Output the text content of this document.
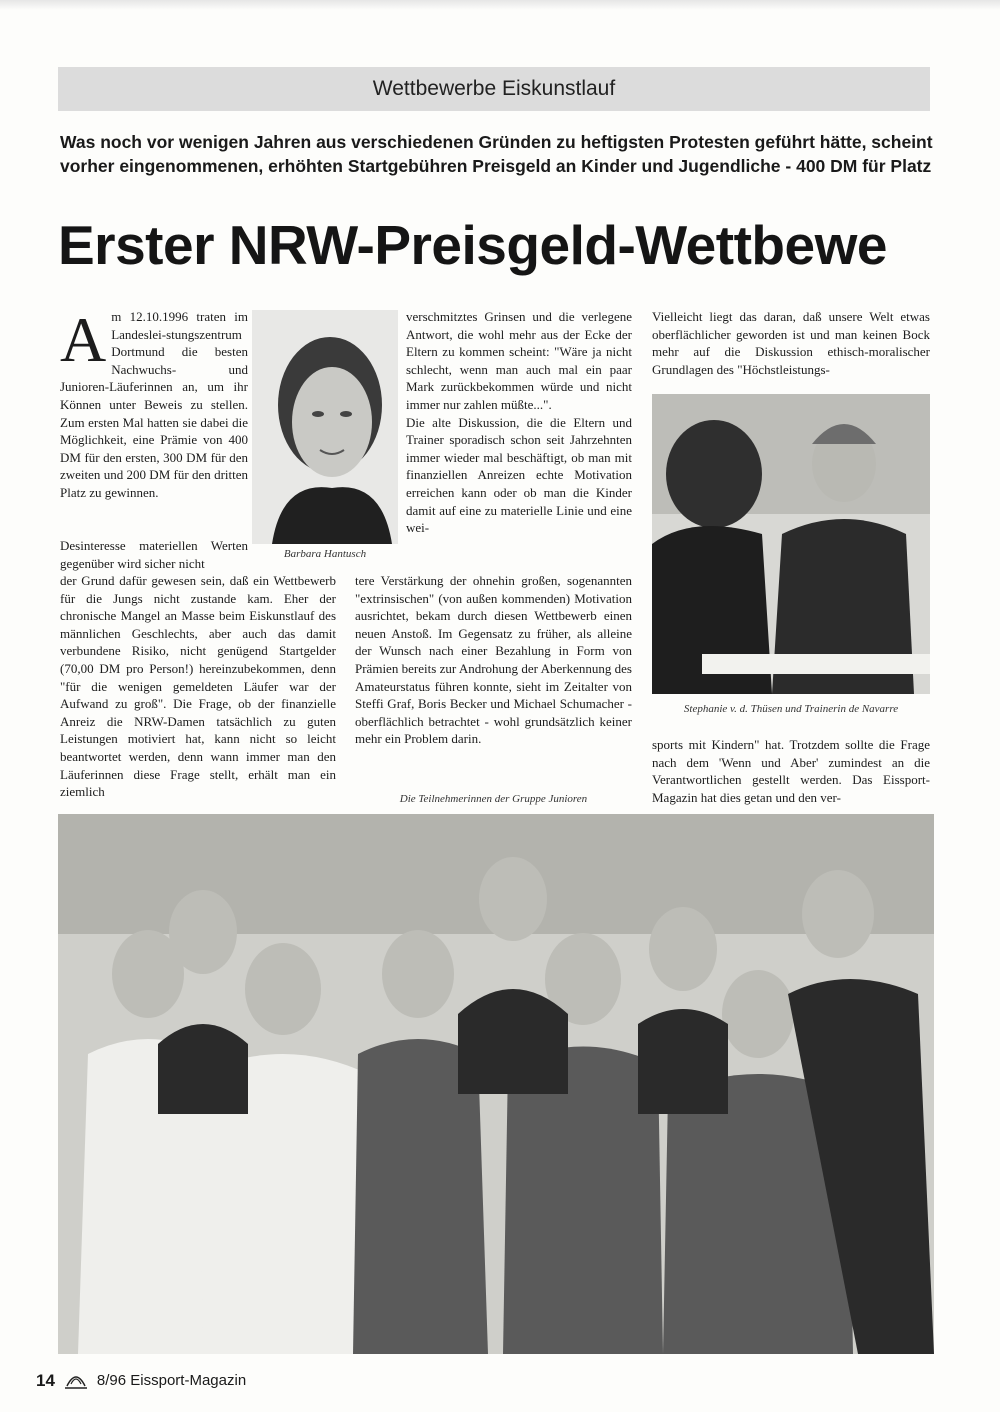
Wettbewerbe Eiskunstlauf
Was noch vor wenigen Jahren aus verschiedenen Gründen zu heftigsten Protesten geführt hätte, scheint
vorher eingenommenen, erhöhten Startgebühren Preisgeld an Kinder und Jugendliche - 400 DM für Platz
Erster NRW-Preisgeld-Wettbewe
A m 12.10.1996 traten im Landeslei-stungszentrum Dortmund die besten Nachwuchs- und Junioren-Läuferinnen an, um ihr Können unter Beweis zu stellen. Zum ersten Mal hatten sie dabei die Möglichkeit, eine Prämie von 400 DM für den ersten, 300 DM für den zweiten und 200 DM für den dritten Platz zu gewinnen.
Desinteresse materiellen Werten gegenüber wird sicher nicht
der Grund dafür gewesen sein, daß ein Wettbewerb für die Jungs nicht zustande kam. Eher der chronische Mangel an Masse beim Eiskunstlauf des männlichen Geschlechts, aber auch das damit verbundene Risiko, nicht genügend Startgelder (70,00 DM pro Person!) hereinzubekommen, denn "für die wenigen gemeldeten Läufer war der Aufwand zu groß". Die Frage, ob der finanzielle Anreiz die NRW-Damen tatsächlich zu guten Leistungen motiviert hat, kann nicht so leicht beantwortet werden, denn wann immer man den Läuferinnen diese Frage stellt, erhält man ein ziemlich
Barbara Hantusch

verschmitztes Grinsen und die verlegene Antwort, die wohl mehr aus der Ecke der Eltern zu kommen scheint: "Wäre ja nicht schlecht, wenn man auch mal ein paar Mark zurückbekommen würde und nicht immer nur zahlen müßte...".

Die alte Diskussion, die die Eltern und Trainer sporadisch schon seit Jahrzehnten immer wieder mal beschäftigt, ob man mit finanziellen Anreizen echte Motivation erreichen kann oder ob man die Kinder damit auf eine zu materielle Linie und eine wei-

tere Verstärkung der ohnehin großen, sogenannten "extrinsischen" (von außen kommenden) Motivation ausrichtet, bekam durch diesen Wettbewerb einen neuen Anstoß. Im Gegensatz zu früher, als alleine der Wunsch nach einer Bezahlung in Form von Prämien bereits zur Androhung der Aberkennung des Amateurstatus führen konnte, sieht im Zeitalter von Steffi Graf, Boris Becker und Michael Schumacher - oberflächlich betrachtet - wohl grundsätzlich keiner mehr ein Problem darin.
Vielleicht liegt das daran, daß unsere Welt etwas oberflächlicher geworden ist und man keinen Bock mehr auf die Diskussion ethisch-moralischer Grundlagen des "Höchstleistungs-
Stephanie v. d. Thüsen und Trainerin de Navarre
sports mit Kindern" hat. Trotzdem sollte die Frage nach dem 'Wenn und Aber' zumindest an die Verantwortlichen gestellt werden. Das Eissport-Magazin hat dies getan und den ver-
Die Teilnehmerinnen der Gruppe Junioren
14	8/96 Eissport-Magazin
